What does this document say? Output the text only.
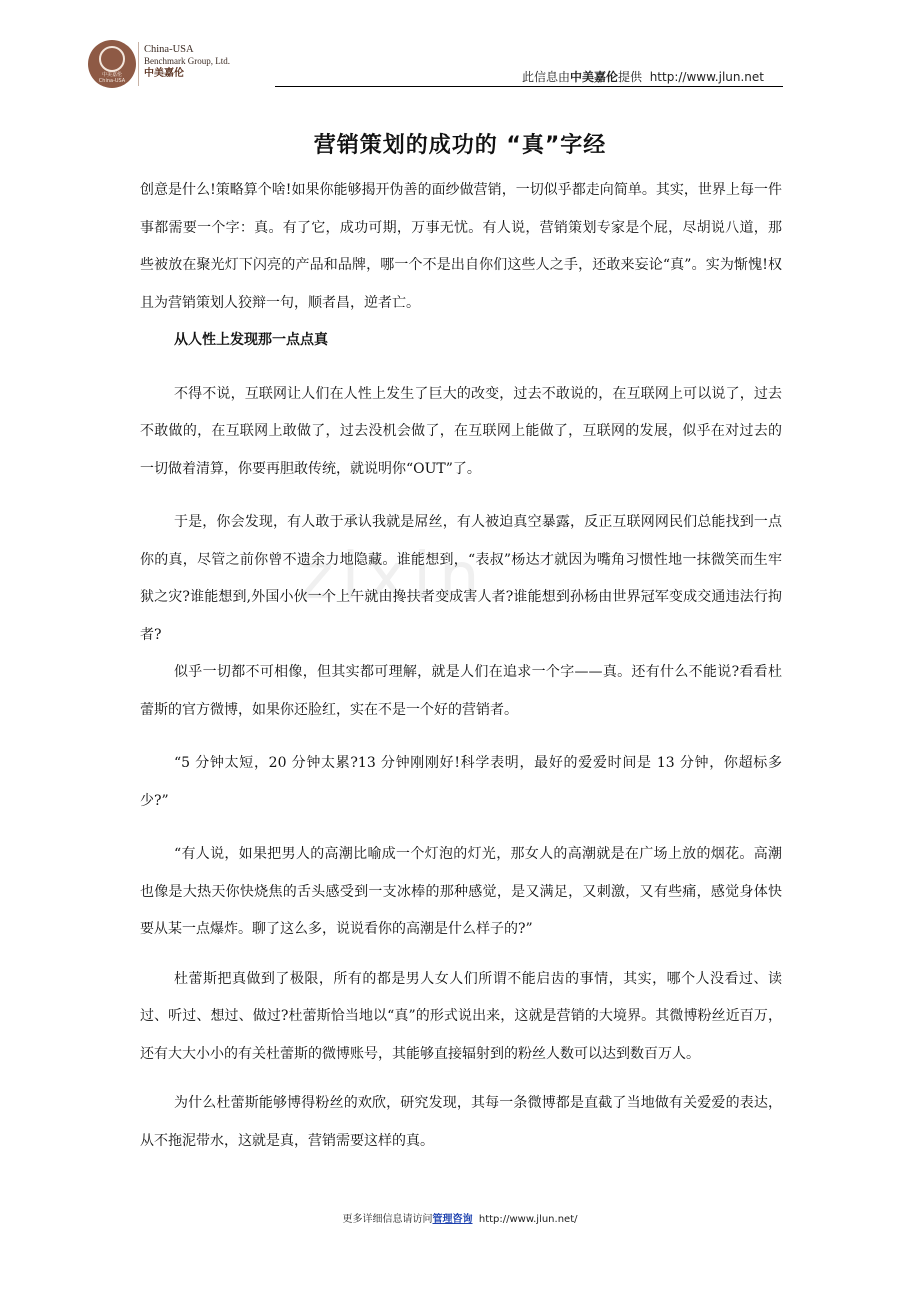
中美嘉伦
China-USA
China-USA
Benchmark Group, Ltd.
中美嘉伦	此信息由中美嘉伦提供 http://www.jlun.net
营销策划的成功的 “真”字经
zixin

创意是什么!策略算个啥!如果你能够揭开伪善的面纱做营销，一切似乎都走向简单。其实，世界上每一件事都需要一个字：真。有了它，成功可期，万事无忧。有人说，营销策划专家是个屁，尽胡说八道，那些被放在聚光灯下闪亮的产品和品牌，哪一个不是出自你们这些人之手，还敢来妄论“真”。实为惭愧!权且为营销策划人狡辩一句，顺者昌，逆者亡。

从人性上发现那一点点真

不得不说，互联网让人们在人性上发生了巨大的改变，过去不敢说的，在互联网上可以说了，过去不敢做的，在互联网上敢做了，过去没机会做了，在互联网上能做了，互联网的发展，似乎在对过去的一切做着清算，你要再胆敢传统，就说明你“OUT”了。

于是，你会发现，有人敢于承认我就是屌丝，有人被迫真空暴露，反正互联网网民们总能找到一点你的真，尽管之前你曾不遗余力地隐藏。谁能想到，“表叔”杨达才就因为嘴角习惯性地一抹微笑而生牢狱之灾?谁能想到,外国小伙一个上午就由搀扶者变成害人者?谁能想到孙杨由世界冠军变成交通违法行拘者?

似乎一切都不可相像，但其实都可理解，就是人们在追求一个字——真。还有什么不能说?看看杜蕾斯的官方微博，如果你还脸红，实在不是一个好的营销者。

“5 分钟太短，20 分钟太累?13 分钟刚刚好!科学表明，最好的爱爱时间是 13 分钟，你超标多少?”

“有人说，如果把男人的高潮比喻成一个灯泡的灯光，那女人的高潮就是在广场上放的烟花。高潮也像是大热天你快烧焦的舌头感受到一支冰棒的那种感觉，是又满足，又刺激，又有些痛，感觉身体快要从某一点爆炸。聊了这么多，说说看你的高潮是什么样子的?”

杜蕾斯把真做到了极限，所有的都是男人女人们所谓不能启齿的事情，其实，哪个人没看过、读过、听过、想过、做过?杜蕾斯恰当地以“真”的形式说出来，这就是营销的大境界。其微博粉丝近百万，还有大大小小的有关杜蕾斯的微博账号，其能够直接辐射到的粉丝人数可以达到数百万人。

为什么杜蕾斯能够博得粉丝的欢欣，研究发现，其每一条微博都是直截了当地做有关爱爱的表达，从不拖泥带水，这就是真，营销需要这样的真。

更多详细信息请访问管理咨询 http://www.jlun.net/
